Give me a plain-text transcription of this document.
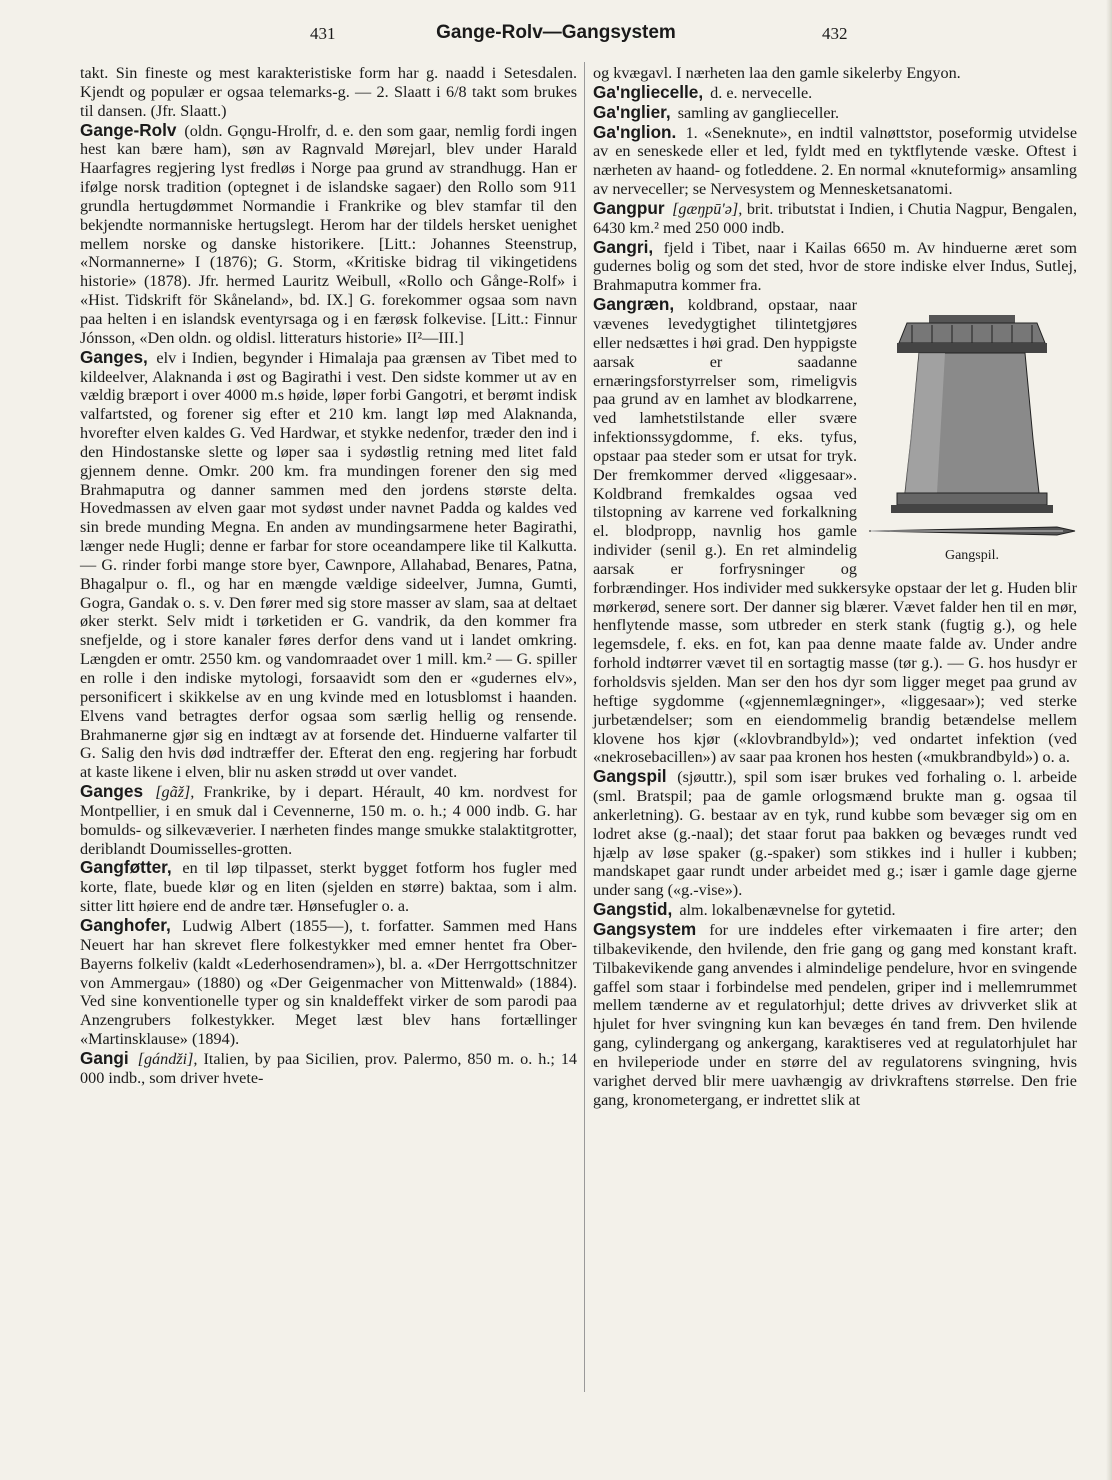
431	Gange-Rolv—Gangsystem	432

takt. Sin fineste og mest karakteristiske form har g. naadd i Setesdalen. Kjendt og populær er ogsaa telemarks-g. — 2. Slaatt i 6/8 takt som brukes til dansen. (Jfr. Slaatt.)

Gange-Rolv (oldn. Gǫngu-Hrolfr, d. e. den som gaar, nemlig fordi ingen hest kan bære ham), søn av Ragnvald Mørejarl, blev under Harald Haarfagres regjering lyst fredløs i Norge paa grund av strandhugg. Han er ifølge norsk tradition (optegnet i de islandske sagaer) den Rollo som 911 grundla hertugdømmet Normandie i Frankrike og blev stamfar til den bekjendte normanniske hertugslegt. Herom har der tildels hersket uenighet mellem norske og danske historikere. [Litt.: Johannes Steenstrup, «Normannerne» I (1876); G. Storm, «Kritiske bidrag til vikingetidens historie» (1878). Jfr. hermed Lauritz Weibull, «Rollo och Gånge-Rolf» i «Hist. Tidskrift för Skåneland», bd. IX.] G. forekommer ogsaa som navn paa helten i en islandsk eventyrsaga og i en færøsk folkevise. [Litt.: Finnur Jónsson, «Den oldn. og oldisl. litteraturs historie» II²—III.]

Ganges, elv i Indien, begynder i Himalaja paa grænsen av Tibet med to kildeelver, Alaknanda i øst og Bagirathi i vest. Den sidste kommer ut av en vældig bræport i over 4000 m.s høide, løper forbi Gangotri, et berømt indisk valfartsted, og forener sig efter et 210 km. langt løp med Alaknanda, hvorefter elven kaldes G. Ved Hardwar, et stykke nedenfor, træder den ind i den Hindostanske slette og løper saa i sydøstlig retning med litet fald gjennem denne. Omkr. 200 km. fra mundingen forener den sig med Brahmaputra og danner sammen med den jordens største delta. Hovedmassen av elven gaar mot sydøst under navnet Padda og kaldes ved sin brede munding Megna. En anden av mundingsarmene heter Bagirathi, længer nede Hugli; denne er farbar for store oceandampere like til Kalkutta. — G. rinder forbi mange store byer, Cawnpore, Allahabad, Benares, Patna, Bhagalpur o. fl., og har en mængde vældige sideelver, Jumna, Gumti, Gogra, Gandak o. s. v. Den fører med sig store masser av slam, saa at deltaet øker sterkt. Selv midt i tørketiden er G. vandrik, da den kommer fra snefjelde, og i store kanaler føres derfor dens vand ut i landet omkring. Længden er omtr. 2550 km. og vandomraadet over 1 mill. km.² — G. spiller en rolle i den indiske mytologi, forsaavidt som den er «gudernes elv», personificert i skikkelse av en ung kvinde med en lotusblomst i haanden. Elvens vand betragtes derfor ogsaa som særlig hellig og rensende. Brahmanerne gjør sig en indtægt av at forsende det. Hinduerne valfarter til G. Salig den hvis død indtræffer der. Efterat den eng. regjering har forbudt at kaste likene i elven, blir nu asken strødd ut over vandet.

Ganges [gãž], Frankrike, by i depart. Hérault, 40 km. nordvest for Montpellier, i en smuk dal i Cevennerne, 150 m. o. h.; 4 000 indb. G. har bomulds- og silkevæverier. I nærheten findes mange smukke stalaktitgrotter, deriblandt Doumisselles-grotten.

Gangføtter, en til løp tilpasset, sterkt bygget fotform hos fugler med korte, flate, buede klør og en liten (sjelden en større) baktaa, som i alm. sitter litt høiere end de andre tær. Hønsefugler o. a.

Ganghofer, Ludwig Albert (1855—), t. forfatter. Sammen med Hans Neuert har han skrevet flere folkestykker med emner hentet fra Ober-Bayerns folkeliv (kaldt «Lederhosendramen»), bl. a. «Der Herrgottschnitzer von Ammergau» (1880) og «Der Geigenmacher von Mittenwald» (1884). Ved sine konventionelle typer og sin knaldeffekt virker de som parodi paa Anzengrubers folkestykker. Meget læst blev hans fortællinger «Martinsklause» (1894).

Gangi [gándži], Italien, by paa Sicilien, prov. Palermo, 850 m. o. h.; 14 000 indb., som driver hvete-

og kvægavl. I nærheten laa den gamle sikelerby Engyon.

Ga'ngliecelle, d. e. nervecelle.

Ga'nglier, samling av ganglieceller.

Ga'nglion. 1. «Seneknute», en indtil valnøttstor, poseformig utvidelse av en seneskede eller et led, fyldt med en tyktflytende væske. Oftest i nærheten av haand- og fotleddene. 2. En normal «knuteformig» ansamling av nerveceller; se Nervesystem og Mennesketsanatomi.

Gangpur [gæŋpū'ə], brit. tributstat i Indien, i Chutia Nagpur, Bengalen, 6430 km.² med 250 000 indb.

Gangri, fjeld i Tibet, naar i Kailas 6650 m. Av hinduerne æret som gudernes bolig og som det sted, hvor de store indiske elver Indus, Sutlej, Brahmaputra kommer fra.

Gangspil.

Gangræn, koldbrand, opstaar, naar vævenes levedygtighet tilintetgjøres eller nedsættes i høi grad. Den hyppigste aarsak er saadanne ernæringsforstyrrelser som, rimeligvis paa grund av en lamhet av blodkarrene, ved lamhetstilstande eller svære infektionssygdomme, f. eks. tyfus, opstaar paa steder som er utsat for tryk. Der fremkommer derved «liggesaar». Koldbrand fremkaldes ogsaa ved tilstopning av karrene ved forkalkning el. blodpropp, navnlig hos gamle individer (senil g.). En ret almindelig aarsak er forfrysninger og forbrændinger. Hos individer med sukkersyke opstaar der let g. Huden blir mørkerød, senere sort. Der danner sig blærer. Vævet falder hen til en mør, henflytende masse, som utbreder en sterk stank (fugtig g.), og hele legemsdele, f. eks. en fot, kan paa denne maate falde av. Under andre forhold indtørrer vævet til en sortagtig masse (tør g.). — G. hos husdyr er forholdsvis sjelden. Man ser den hos dyr som ligger meget paa grund av heftige sygdomme («gjennemlægninger», «liggesaar»); ved sterke jurbetændelser; som en eiendommelig brandig betændelse mellem klovene hos kjør («klovbrandbyld»); ved ondartet infektion (ved «nekrosebacillen») av saar paa kronen hos hesten («mukbrandbyld») o. a.

Gangspil (sjøuttr.), spil som især brukes ved forhaling o. l. arbeide (sml. Bratspil; paa de gamle orlogsmænd brukte man g. ogsaa til ankerletning). G. bestaar av en tyk, rund kubbe som bevæger sig om en lodret akse (g.-naal); det staar forut paa bakken og bevæges rundt ved hjælp av løse spaker (g.-spaker) som stikkes ind i huller i kubben; mandskapet gaar rundt under arbeidet med g.; især i gamle dage gjerne under sang («g.-vise»).

Gangstid, alm. lokalbenævnelse for gytetid.

Gangsystem for ure inddeles efter virkemaaten i fire arter; den tilbakevikende, den hvilende, den frie gang og gang med konstant kraft. Tilbakevikende gang anvendes i almindelige pendelure, hvor en svingende gaffel som staar i forbindelse med pendelen, griper ind i mellemrummet mellem tænderne av et regulatorhjul; dette drives av drivverket slik at hjulet for hver svingning kun kan bevæges én tand frem. Den hvilende gang, cylindergang og ankergang, karaktiseres ved at regulatorhjulet har en hvileperiode under en større del av regulatorens svingning, hvis varighet derved blir mere uavhængig av drivkraftens størrelse. Den frie gang, kronometergang, er indrettet slik at
